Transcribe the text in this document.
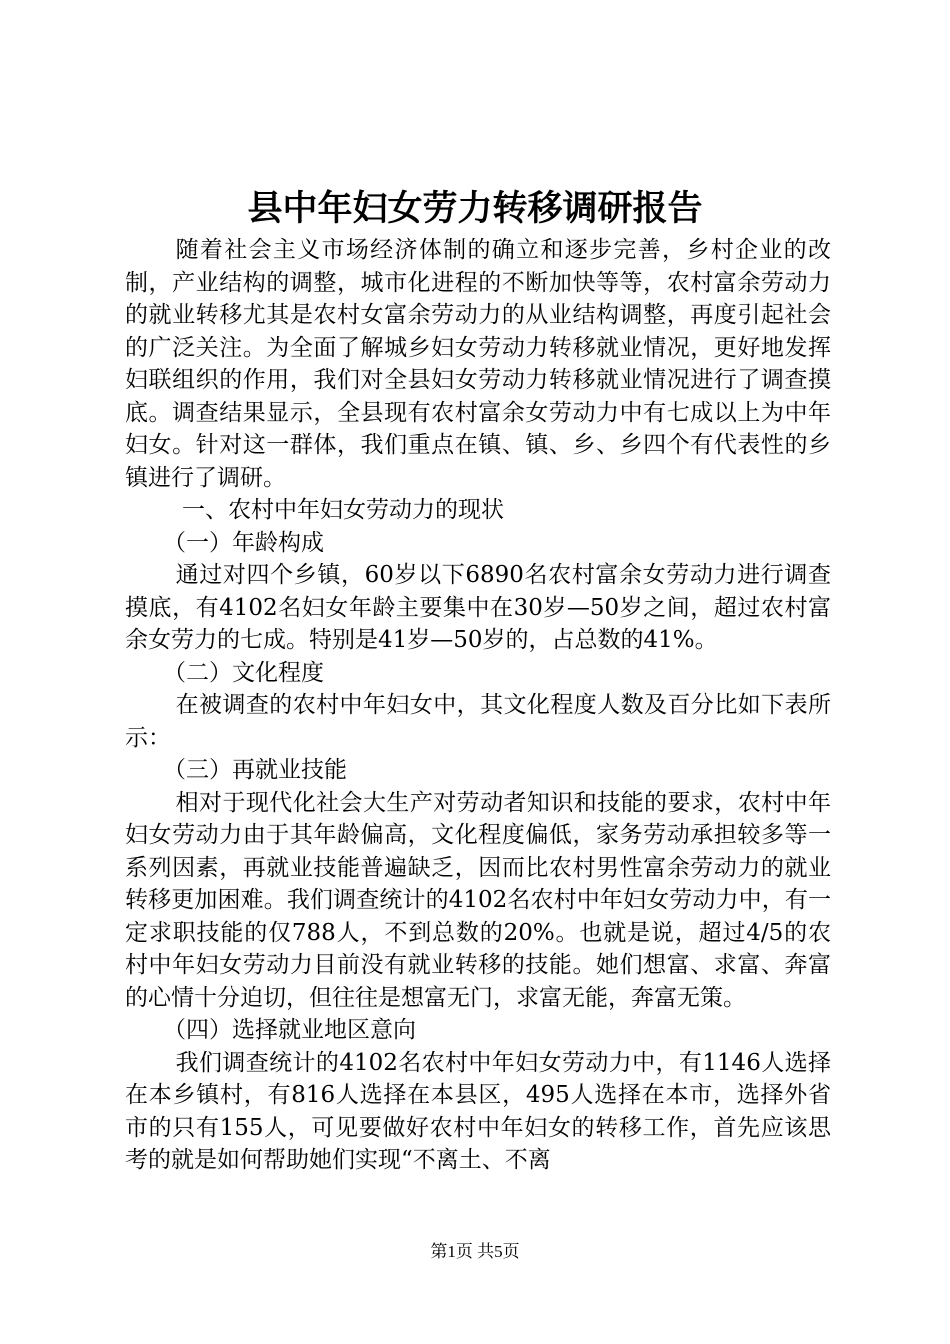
县中年妇女劳力转移调研报告

随着社会主义市场经济体制的确立和逐步完善，乡村企业的改制，产业结构的调整，城市化进程的不断加快等等，农村富余劳动力的就业转移尤其是农村女富余劳动力的从业结构调整，再度引起社会的广泛关注。为全面了解城乡妇女劳动力转移就业情况，更好地发挥妇联组织的作用，我们对全县妇女劳动力转移就业情况进行了调查摸底。调查结果显示，全县现有农村富余女劳动力中有七成以上为中年妇女。针对这一群体，我们重点在镇、镇、乡、乡四个有代表性的乡镇进行了调研。

一、农村中年妇女劳动力的现状

（一）年龄构成

通过对四个乡镇，60岁以下6890名农村富余女劳动力进行调查摸底，有4102名妇女年龄主要集中在30岁—50岁之间，超过农村富余女劳力的七成。特别是41岁—50岁的，占总数的41%。

（二）文化程度

在被调查的农村中年妇女中，其文化程度人数及百分比如下表所示：

（三）再就业技能

相对于现代化社会大生产对劳动者知识和技能的要求，农村中年妇女劳动力由于其年龄偏高，文化程度偏低，家务劳动承担较多等一系列因素，再就业技能普遍缺乏，因而比农村男性富余劳动力的就业转移更加困难。我们调查统计的4102名农村中年妇女劳动力中，有一定求职技能的仅788人，不到总数的20%。也就是说，超过4/5的农村中年妇女劳动力目前没有就业转移的技能。她们想富、求富、奔富的心情十分迫切，但往往是想富无门，求富无能，奔富无策。

（四）选择就业地区意向

我们调查统计的4102名农村中年妇女劳动力中，有1146人选择在本乡镇村，有816人选择在本县区，495人选择在本市，选择外省市的只有155人，可见要做好农村中年妇女的转移工作，首先应该思考的就是如何帮助她们实现“不离土、不离

第1页 共5页
